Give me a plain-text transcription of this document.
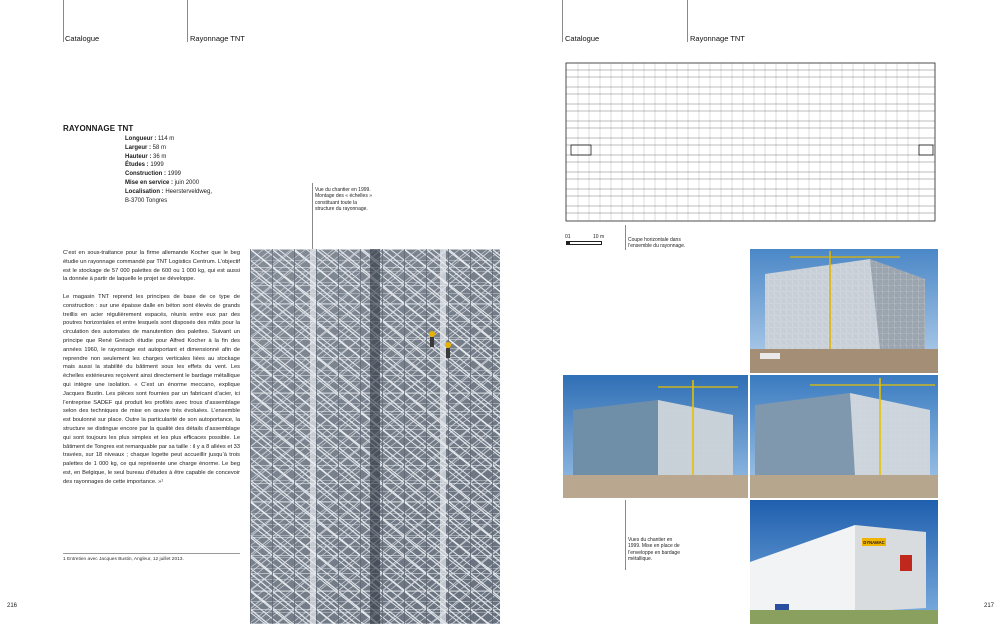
Catalogue	Rayonnage TNT
RAYONNAGE TNT
Longueur : 114 m
Largeur : 58 m
Hauteur : 36 m
Études : 1999
Construction : 1999
Mise en service : juin 2000
Localisation : Heersterveldweg,
B-3700 Tongres
Vue du chantier en 1999. Montage des « échelles » constituant toute la structure du rayonnage.
C’est en sous-traitance pour la firme allemande Kocher que le beg étudie un rayonnage commandé par TNT Logistics Centrum. L’objectif est le stockage de 57 000 palettes de 600 ou 1 000 kg, qui est aussi la donnée à partir de laquelle le projet se développe.
Le magasin TNT reprend les principes de base de ce type de construction : sur une épaisse dalle en béton sont élevés de grands treillis en acier régulièrement espacés, réunis entre eux par des poutres horizontales et entre lesquels sont disposés des mâts pour la circulation des automates de manutention des palettes. Suivant un principe que René Greisch étudie pour Alfred Kocher à la fin des années 1960, le rayonnage est autoportant et dimensionné afin de reprendre non seulement les charges verticales liées au stockage mais aussi la stabilité du bâtiment sous les effets du vent. Les échelles extérieures reçoivent ainsi directement le bardage métallique qui intègre une isolation. « C’est un énorme meccano, explique Jacques Bustin. Les pièces sont fournies par un fabricant d’acier, ici l’entreprise SADEF qui produit les profilés avec trous d’assemblage selon des techniques de mise en œuvre très évoluées. L’ensemble est boulonné sur place. Outre la particularité de son autoportance, la structure se distingue encore par la qualité des détails d’assemblage qui sont toujours les plus simples et les plus efficaces possible. Le bâtiment de Tongres est remarquable par sa taille : il y a 8 allées et 33 travées, sur 18 niveaux ; chaque logette peut accueillir jusqu’à trois palettes de 1 000 kg, ce qui représente une charge énorme. Le beg est, en Belgique, le seul bureau d’études à être capable de concevoir des rayonnages de cette importance. »¹
1 Entretien avec Jacques Bustin, Angleur, 12 juillet 2013.
216
Catalogue	Rayonnage TNT
01	10 m	Coupe horizontale dans l’ensemble du rayonnage.
Vues du chantier en 1999. Mise en place de l’enveloppe en bardage métallique.
DYNAMAC
217
